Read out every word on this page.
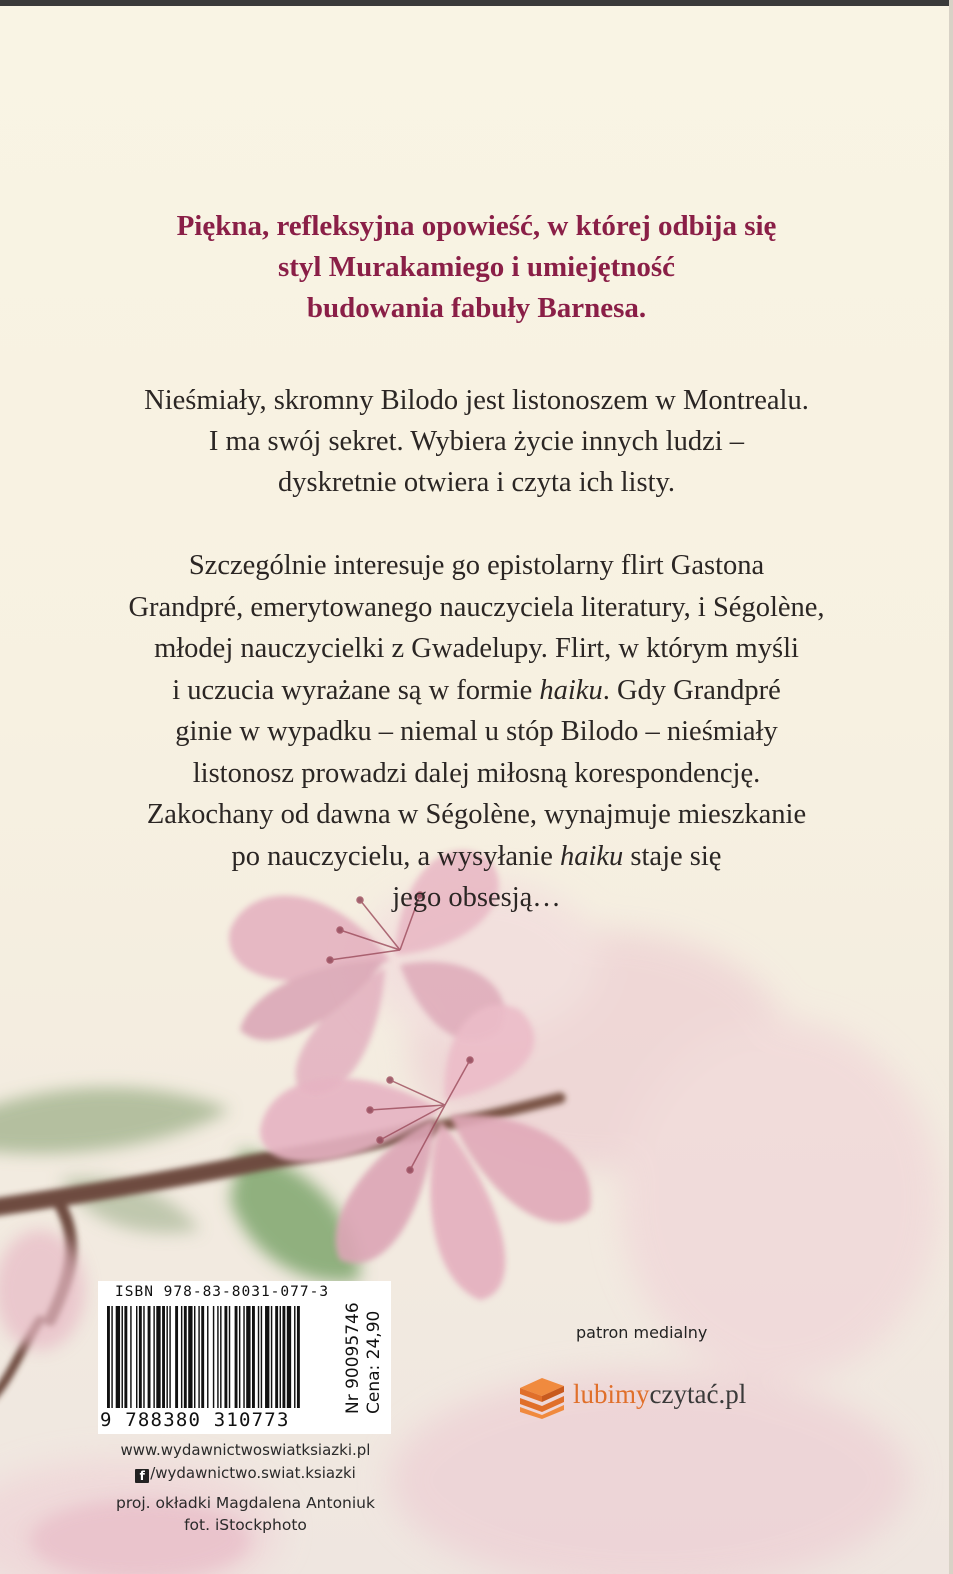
Piękna, refleksyjna opowieść, w której odbija się
styl Murakamiego i umiejętność
budowania fabuły Barnesa.

Nieśmiały, skromny Bilodo jest listonoszem w Montrealu.
I ma swój sekret. Wybiera życie innych ludzi –
dyskretnie otwiera i czyta ich listy.

Szczególnie interesuje go epistolarny flirt Gastona
Grandpré, emerytowanego nauczyciela literatury, i Ségolène,
młodej nauczycielki z Gwadelupy. Flirt, w którym myśli
i uczucia wyrażane są w formie haiku. Gdy Grandpré
ginie w wypadku – niemal u stóp Bilodo – nieśmiały
listonosz prowadzi dalej miłosną korespondencję.
Zakochany od dawna w Ségolène, wynajmuje mieszkanie
po nauczycielu, a wysyłanie haiku staje się
jego obsesją…

ISBN 978-83-8031-077-3
9 788380 310773
Nr 90095746 Cena: 24,90

www.wydawnictwoswiatksiazki.pl

f /wydawnictwo.swiat.ksiazki

proj. okładki Magdalena Antoniuk
fot. iStockphoto

patron medialny

lubimyczytać.pl
